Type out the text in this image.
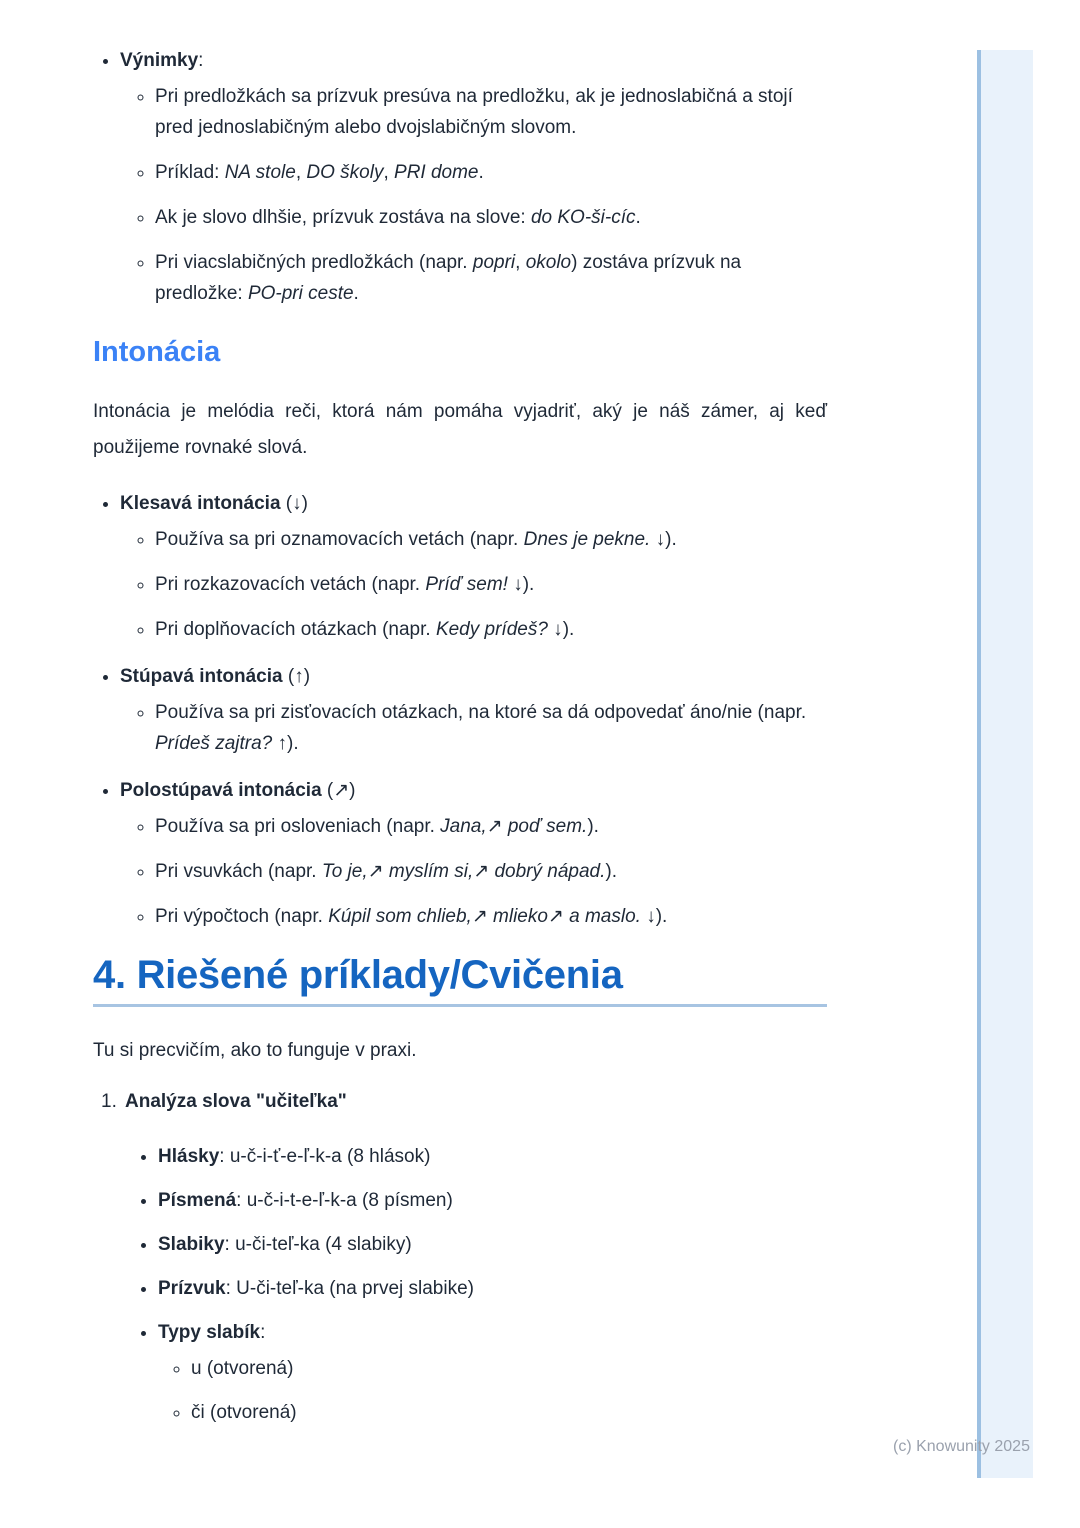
• Výnimky:
◦ Pri predložkách sa prízvuk presúva na predložku, ak je jednoslabičná a stojí pred jednoslabičným alebo dvojslabičným slovom.
◦ Príklad: NA stole, DO školy, PRI dome.
◦ Ak je slovo dlhšie, prízvuk zostáva na slove: do KO-ši-cíc.
◦ Pri viacslabičných predložkách (napr. popri, okolo) zostáva prízvuk na predložke: PO-pri ceste.
Intonácia

Intonácia je melódia reči, ktorá nám pomáha vyjadriť, aký je náš zámer, aj keď použijeme rovnaké slová.

• Klesavá intonácia (↓)
◦ Používa sa pri oznamovacích vetách (napr. Dnes je pekne. ↓).
◦ Pri rozkazovacích vetách (napr. Príď sem! ↓).
◦ Pri doplňovacích otázkach (napr. Kedy prídeš? ↓).
• Stúpavá intonácia (↑)
◦ Používa sa pri zisťovacích otázkach, na ktoré sa dá odpovedať áno/nie (napr. Prídeš zajtra? ↑).
• Polostúpavá intonácia (↗)
◦ Používa sa pri osloveniach (napr. Jana,↗ poď sem.).
◦ Pri vsuvkách (napr. To je,↗ myslím si,↗ dobrý nápad.).
◦ Pri výpočtoch (napr. Kúpil som chlieb,↗ mlieko↗ a maslo. ↓).
4. Riešené príklady/Cvičenia

Tu si precvičím, ako to funguje v praxi.

1. Analýza slova "učiteľka"
• Hlásky: u-č-i-ť-e-ľ-k-a (8 hlások)
• Písmená: u-č-i-t-e-ľ-k-a (8 písmen)
• Slabiky: u-či-teľ-ka (4 slabiky)
• Prízvuk: U-či-teľ-ka (na prvej slabike)
• Typy slabík:
◦ u (otvorená)
◦ či (otvorená)
(c) Knowunity 2025
